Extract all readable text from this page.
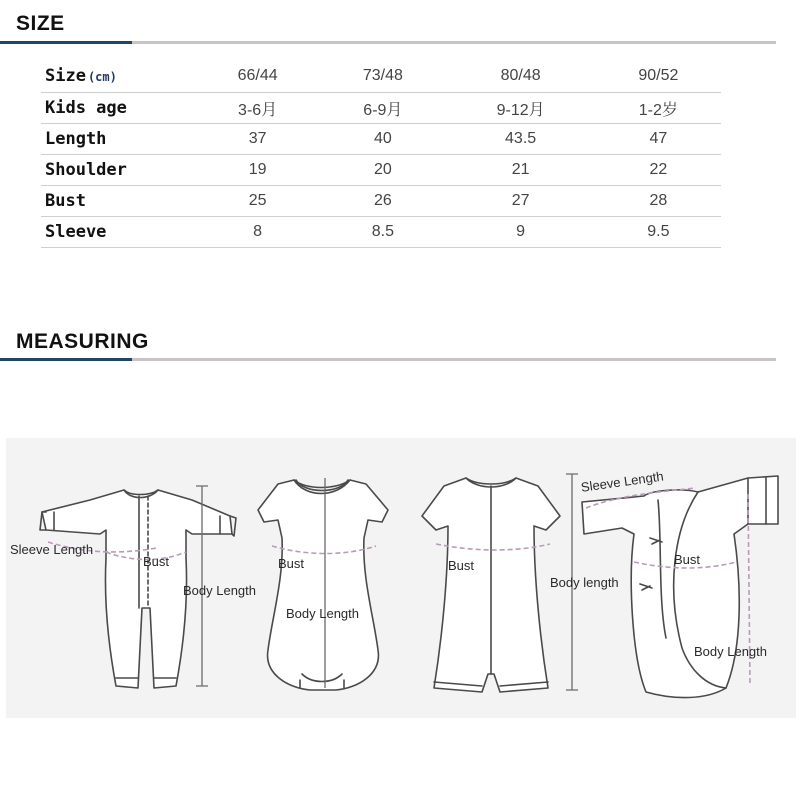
SIZE
Size (cm)	66/44	73/48	80/48	90/52
Kids age	3-6月	6-9月	9-12月	1-2岁
Length	37	40	43.5	47
Shoulder	19	20	21	22
Bust	25	26	27	28
Sleeve	8	8.5	9	9.5
MEASURING
Sleeve Length
Bust
Body Length
Bust
Body Length
Bust
Body length
Sleeve Length
Bust
Body Length
